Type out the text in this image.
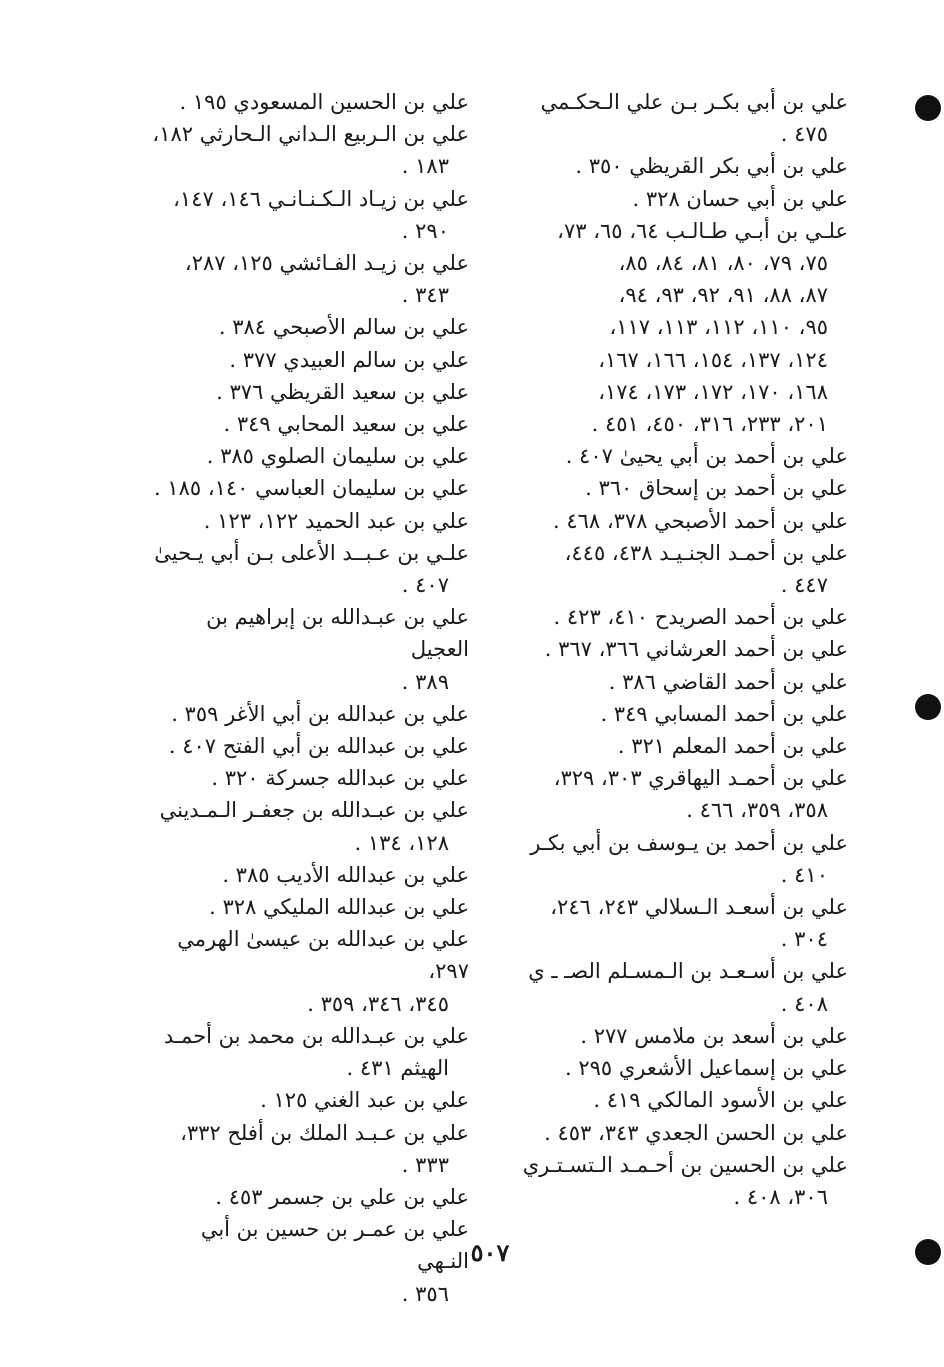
علي بن أبي بكـر بـن علي الـحكـمي
٤٧٥ .
علي بن أبي بكر القريظي ٣٥٠ .
علي بن أبي حسان ٣٢٨ .
علـي بن أبـي طـالـب ٦٤، ٦٥، ٧٣،
٧٥، ٧٩، ٨٠، ٨١، ٨٤، ٨٥،
٨٧، ٨٨، ٩١، ٩٢، ٩٣، ٩٤،
٩٥، ١١٠، ١١٢، ١١٣، ١١٧،
١٢٤، ١٣٧، ١٥٤، ١٦٦، ١٦٧،
١٦٨، ١٧٠، ١٧٢، ١٧٣، ١٧٤،
٢٠١، ٢٣٣، ٣١٦، ٤٥٠، ٤٥١ .
علي بن أحمد بن أبي يحيىٰ ٤٠٧ .
علي بن أحمد بن إسحاق ٣٦٠ .
علي بن أحمد الأصبحي ٣٧٨، ٤٦٨ .
علي بن أحمـد الجنـيـد ٤٣٨، ٤٤٥،
٤٤٧ .
علي بن أحمد الصريدح ٤١٠، ٤٢٣ .
علي بن أحمد العرشاني ٣٦٦، ٣٦٧ .
علي بن أحمد القاضي ٣٨٦ .
علي بن أحمد المسابي ٣٤٩ .
علي بن أحمد المعلم ٣٢١ .
علي بن أحمـد اليهاقري ٣٠٣، ٣٢٩،
٣٥٨، ٣٥٩، ٤٦٦ .
علي بن أحمد بن يـوسف بن أبي بكـر
٤١٠ .
علي بن أسعـد الـسلالي ٢٤٣، ٢٤٦،
٣٠٤ .
علي بن أسـعـد بن الـمسـلم الصـ ـ ي
٤٠٨ .
علي بن أسعد بن ملامس ٢٧٧ .
علي بن إسماعيل الأشعري ٢٩٥ .
علي بن الأسود المالكي ٤١٩ .
علي بن الحسن الجعدي ٣٤٣، ٤٥٣ .
علي بن الحسين بن أحـمـد الـتسـتـري
٣٠٦، ٤٠٨ .
علي بن الحسين المسعودي ١٩٥ .
علي بن الـربيع الـداني الـحارثي ١٨٢،
١٨٣ .
علي بن زيـاد الـكـنـانـي ١٤٦، ١٤٧،
٢٩٠ .
علي بن زيـد الفـائشي ١٢٥، ٢٨٧،
٣٤٣ .
علي بن سالم الأصبحي ٣٨٤ .
علي بن سالم العبيدي ٣٧٧ .
علي بن سعيد القريظي ٣٧٦ .
علي بن سعيد المحابي ٣٤٩ .
علي بن سليمان الصلوي ٣٨٥ .
علي بن سليمان العباسي ١٤٠، ١٨٥ .
علي بن عبد الحميد ١٢٢، ١٢٣ .
علـي بن عـبــد الأعلى بـن أبي يـحيىٰ
٤٠٧ .
علي بن عبـدالله بن إبراهيم بن العجيل
٣٨٩ .
علي بن عبدالله بن أبي الأغر ٣٥٩ .
علي بن عبدالله بن أبي الفتح ٤٠٧ .
علي بن عبدالله جسركة ٣٢٠ .
علي بن عبـدالله بن جعفـر الـمـديني
١٢٨، ١٣٤ .
علي بن عبدالله الأديب ٣٨٥ .
علي بن عبدالله المليكي ٣٢٨ .
علي بن عبدالله بن عيسىٰ الهرمي ٢٩٧،
٣٤٥، ٣٤٦، ٣٥٩ .
علي بن عبـدالله بن محمد بن أحمـد
الهيثم ٤٣١ .
علي بن عبد الغني ١٢٥ .
علي بن عـبـد الملك بن أفلح ٣٣٢،
٣٣٣ .
علي بن علي بن جسمر ٤٥٣ .
علي بن عمـر بن حسين بن أبي النـهي
٣٥٦ .
٥٠٧
